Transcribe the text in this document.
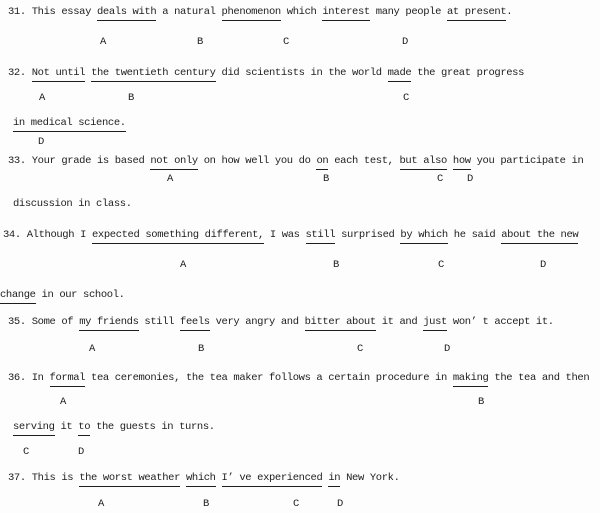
31. This essay deals with a natural phenomenon which interest many people at present.
A	B	C	D
32. Not until the twentieth century did scientists in the world made the great progress
A	B	C
in medical science.
D
33. Your grade is based not only on how well you do on each test, but also how you participate in
A	B	C D
discussion in class.
34. Although I expected something different, I was still surprised by which he said about the new
A	B	C	D
change in our school.
35. Some of my friends still feels very angry and bitter about it and just won’ t accept it.
A	B	C	D
36. In formal tea ceremonies, the tea maker follows a certain procedure in making the tea and then
A	B
serving it to the guests in turns.
C	D
37. This is the worst weather which I’ ve experienced in New York.
A	B	C	D
